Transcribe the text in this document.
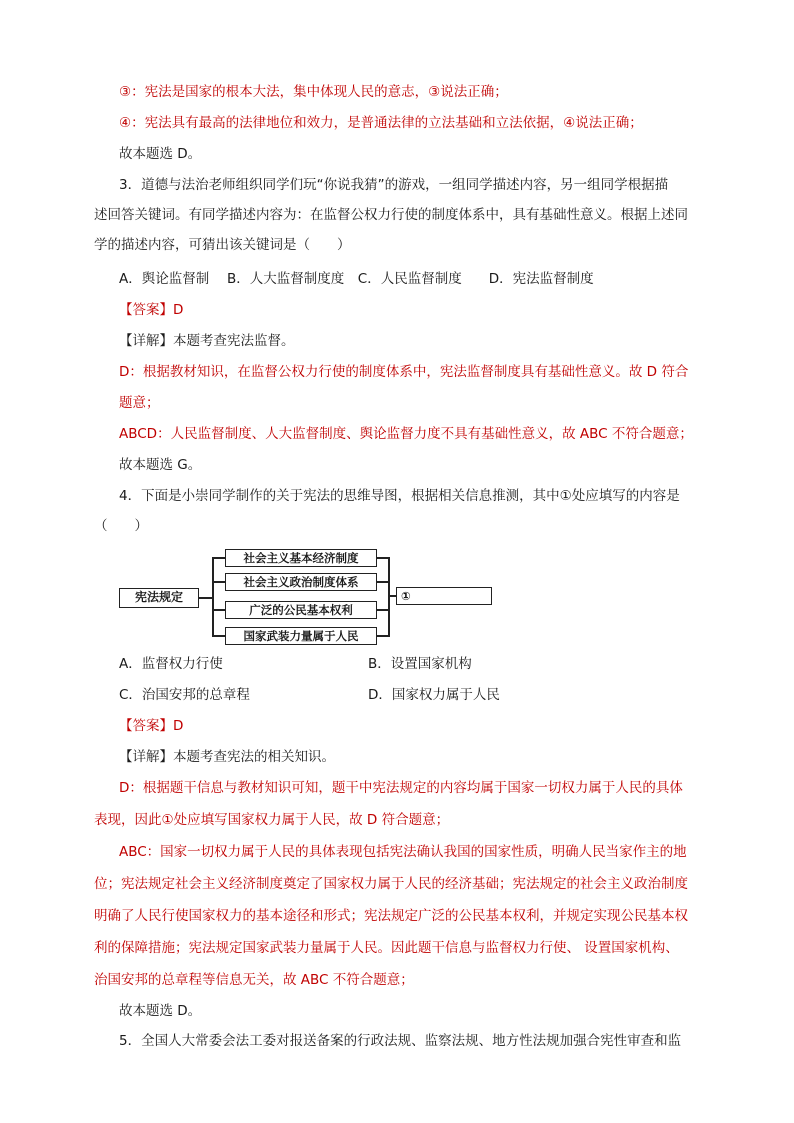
③：宪法是国家的根本大法，集中体现人民的意志，③说法正确；
④：宪法具有最高的法律地位和效力，是普通法律的立法基础和立法依据，④说法正确；
故本题选 D。
3．道德与法治老师组织同学们玩“你说我猜”的游戏，一组同学描述内容，另一组同学根据描
述回答关键词。有同学描述内容为：在监督公权力行使的制度体系中，具有基础性意义。根据上述同
学的描述内容，可猜出该关键词是（　　）
A．舆论监督制　 B．人大监督制度度　C．人民监督制度　　D．宪法监督制度
【答案】D
【详解】本题考查宪法监督。
D：根据教材知识，在监督公权力行使的制度体系中，宪法监督制度具有基础性意义。故 D 符合
题意；
ABCD：人民监督制度、人大监督制度、舆论监督力度不具有基础性意义，故 ABC 不符合题意；
故本题选 G。
4．下面是小崇同学制作的关于宪法的思维导图，根据相关信息推测，其中①处应填写的内容是
（　　）
宪法规定
社会主义基本经济制度
社会主义政治制度体系
广泛的公民基本权利
国家武装力量属于人民
①
A．监督权力行使	B．设置国家机构
C．治国安邦的总章程	D．国家权力属于人民
【答案】D
【详解】本题考查宪法的相关知识。
D：根据题干信息与教材知识可知，题干中宪法规定的内容均属于国家一切权力属于人民的具体
表现，因此①处应填写国家权力属于人民，故 D 符合题意；
ABC：国家一切权力属于人民的具体表现包括宪法确认我国的国家性质，明确人民当家作主的地
位；宪法规定社会主义经济制度奠定了国家权力属于人民的经济基础；宪法规定的社会主义政治制度
明确了人民行使国家权力的基本途径和形式；宪法规定广泛的公民基本权利，并规定实现公民基本权
利的保障措施；宪法规定国家武装力量属于人民。因此题干信息与监督权力行使、 设置国家机构、
治国安邦的总章程等信息无关，故 ABC 不符合题意；
故本题选 D。
5．全国人大常委会法工委对报送备案的行政法规、监察法规、地方性法规加强合宪性审查和监
